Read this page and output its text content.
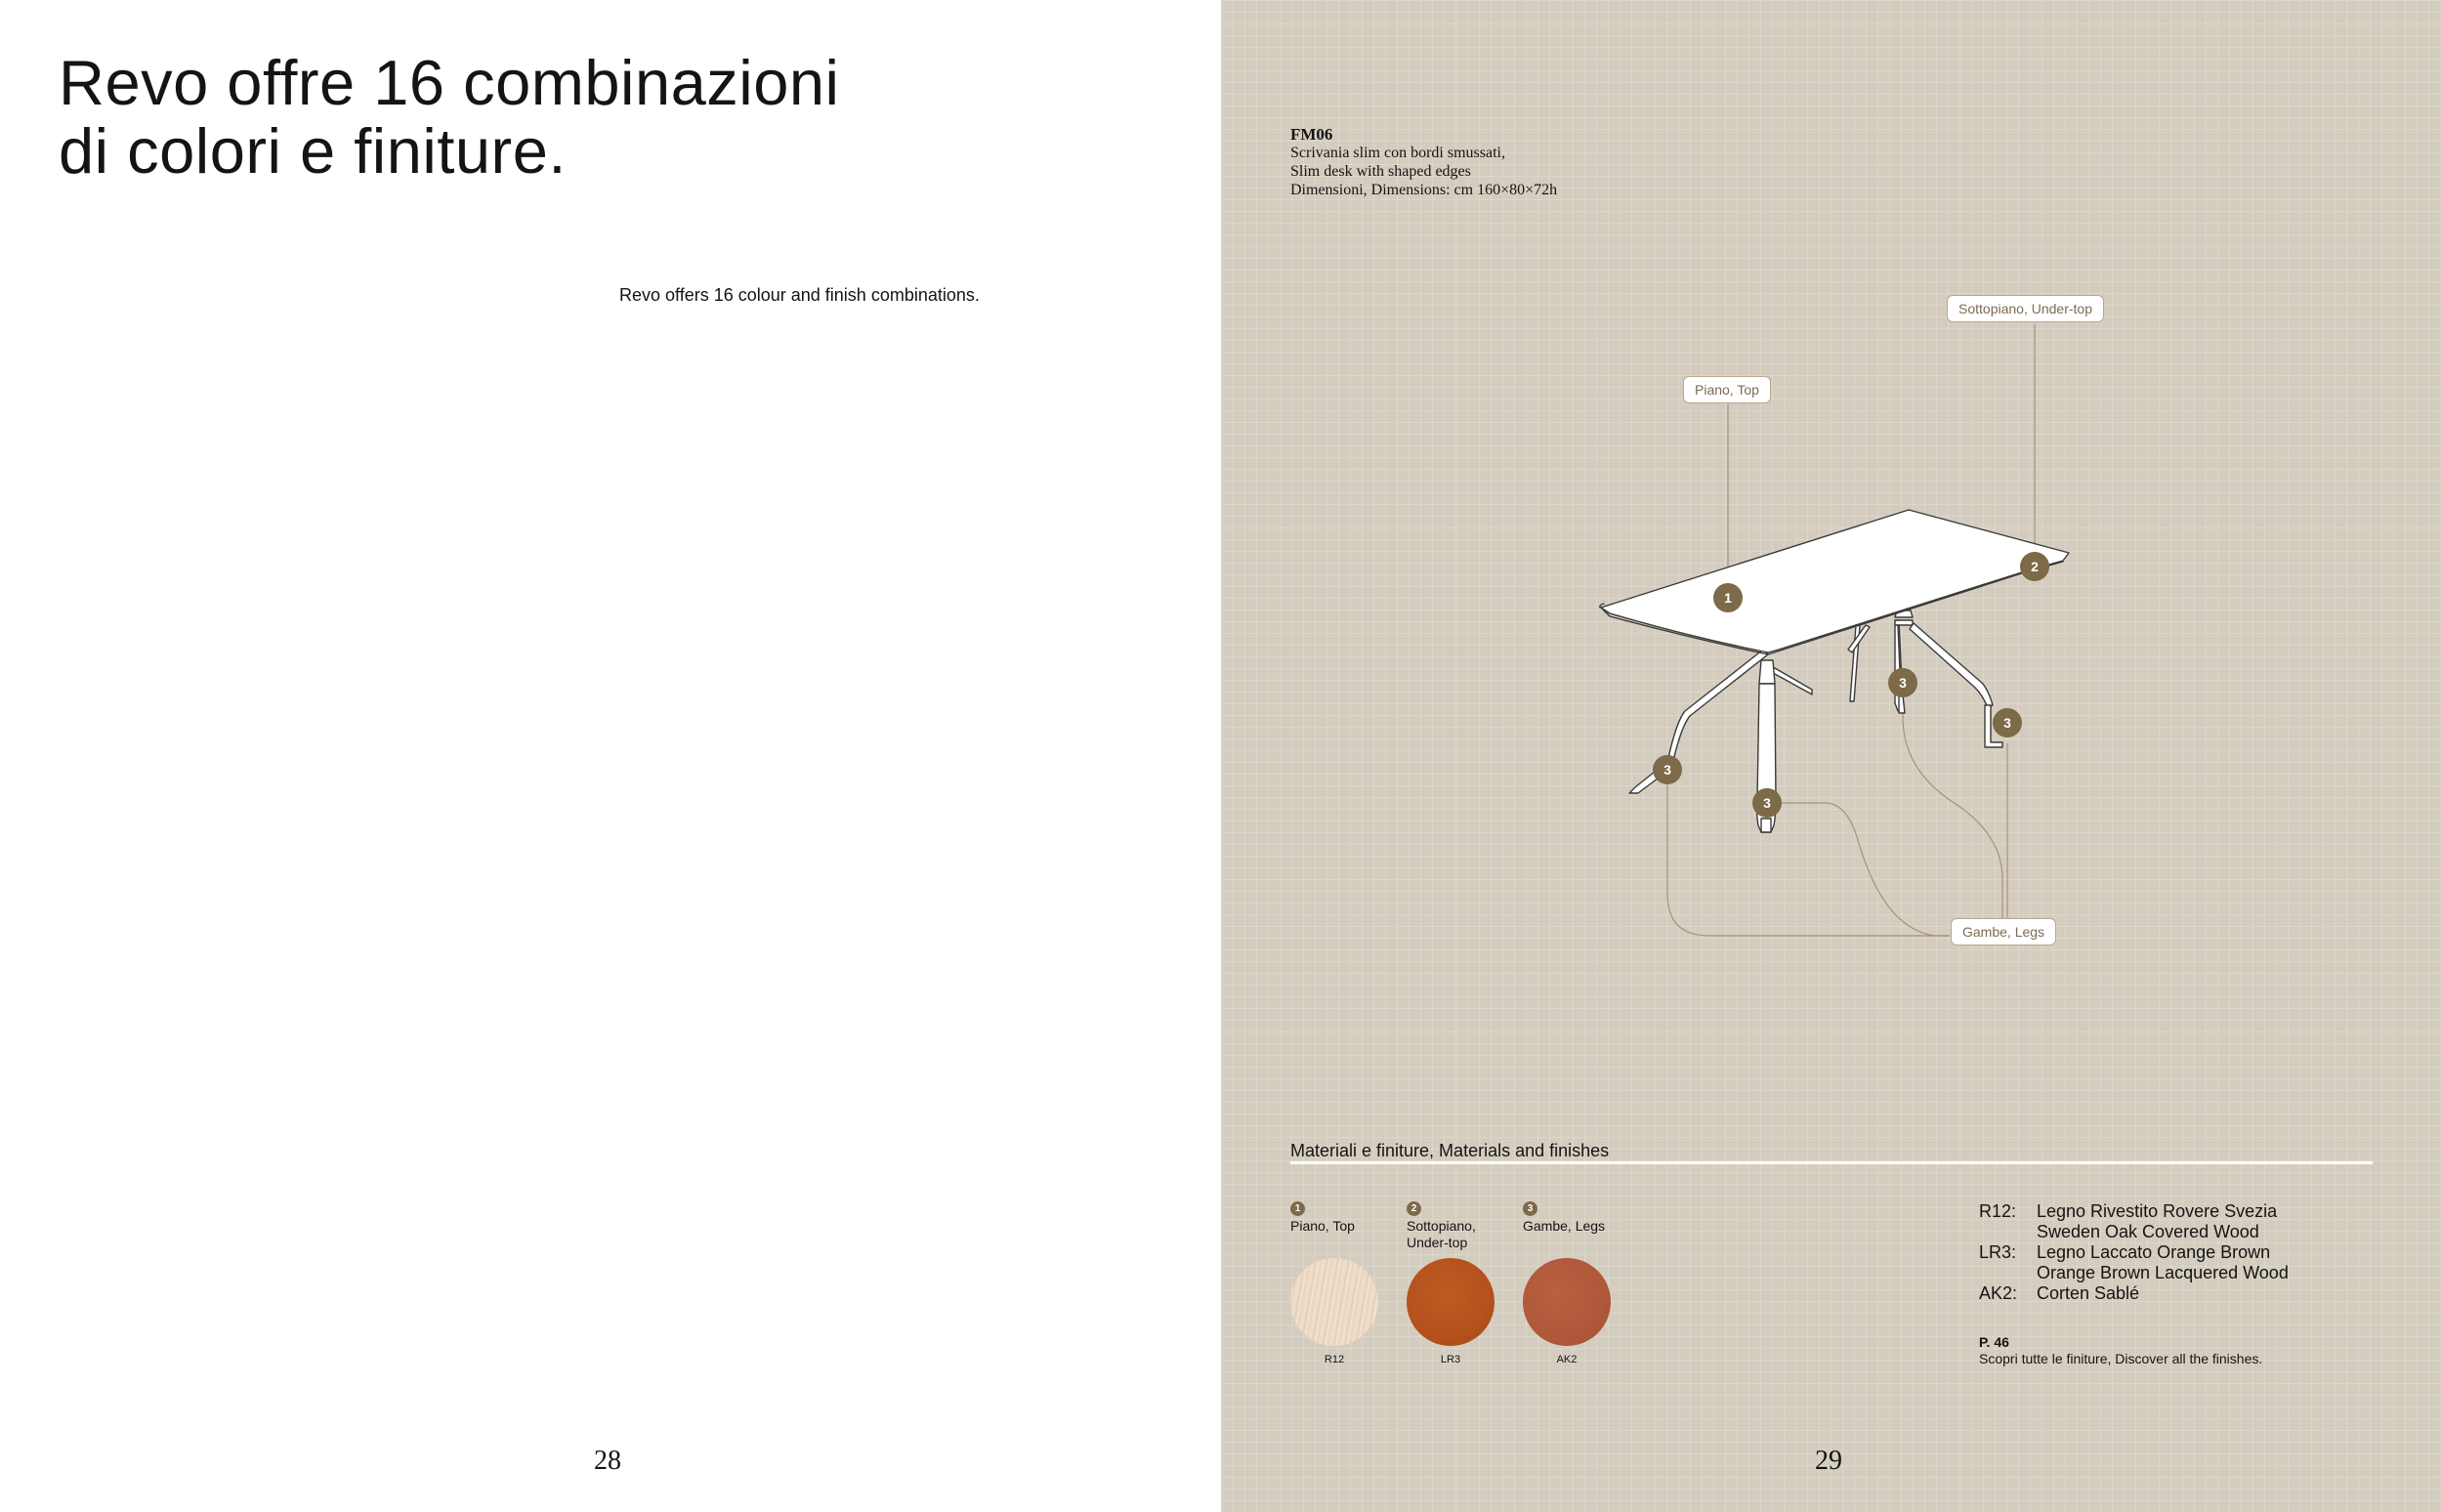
Revo offre 16 combinazioni
di colori e finiture.
Revo offers 16 colour and finish combinations.
28
FM06
Scrivania slim con bordi smussati,
Slim desk with shaped edges
Dimensioni, Dimensions: cm 160×80×72h
1
2
3
3
3
3
Piano, Top
Sottopiano, Under-top
Gambe, Legs
Materiali e finiture, Materials and finishes
1
Piano, Top
2
Sottopiano,
Under-top
3
Gambe, Legs
R12	LR3	AK2
R12:	Legno Rivestito Rovere Svezia
Sweden Oak Covered Wood
LR3:	Legno Laccato Orange Brown
Orange Brown Lacquered Wood
AK2:	Corten Sablé
P. 46
Scopri tutte le finiture, Discover all the finishes.
29
